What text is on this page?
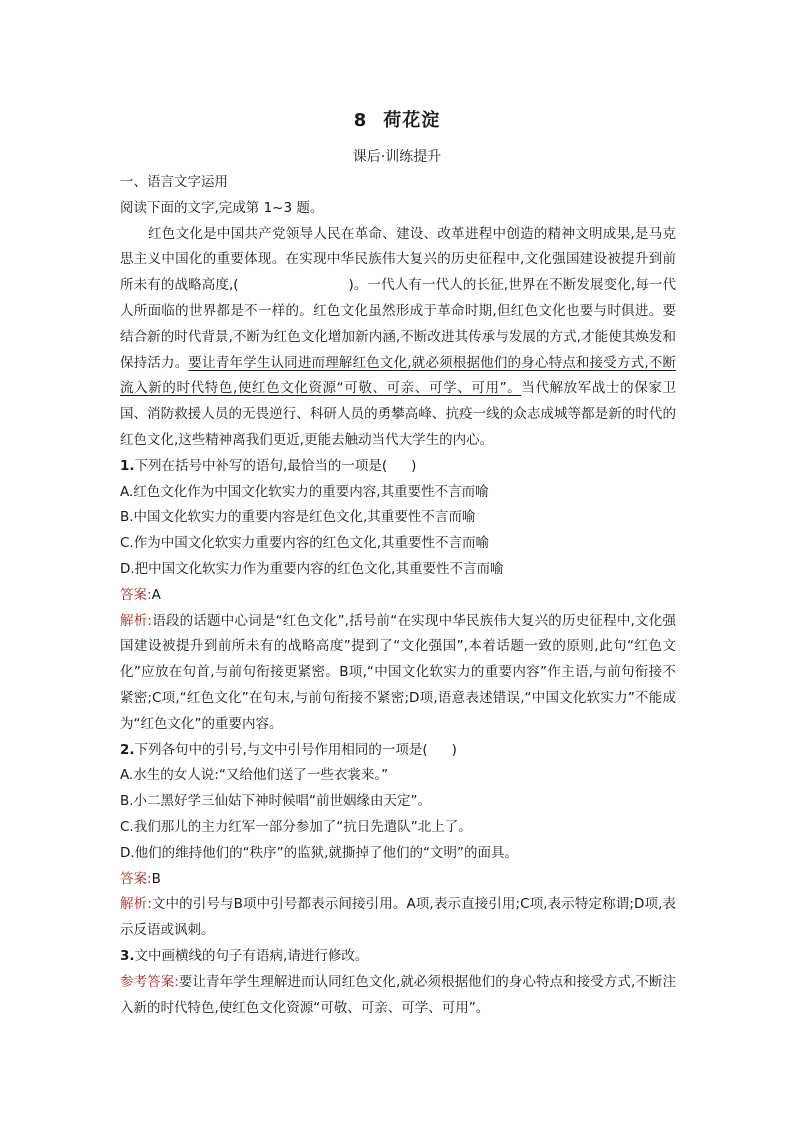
8 荷花淀
课后·训练提升

一、语言文字运用

阅读下面的文字,完成第 1~3 题。

红色文化是中国共产党领导人民在革命、建设、改革进程中创造的精神文明成果,是马克思主义中国化的重要体现。在实现中华民族伟大复兴的历史征程中,文化强国建设被提升到前所未有的战略高度,(	)。一代人有一代人的长征,世界在不断发展变化,每一代人所面临的世界都是不一样的。红色文化虽然形成于革命时期,但红色文化也要与时俱进。要结合新的时代背景,不断为红色文化增加新内涵,不断改进其传承与发展的方式,才能使其焕发和保持活力。要让青年学生认同进而理解红色文化,就必须根据他们的身心特点和接受方式,不断流入新的时代特色,使红色文化资源“可敬、可亲、可学、可用”。当代解放军战士的保家卫国、消防救援人员的无畏逆行、科研人员的勇攀高峰、抗疫一线的众志成城等都是新的时代的红色文化,这些精神离我们更近,更能去触动当代大学生的内心。

1.下列在括号中补写的语句,最恰当的一项是( )

A.红色文化作为中国文化软实力的重要内容,其重要性不言而喻

B.中国文化软实力的重要内容是红色文化,其重要性不言而喻

C.作为中国文化软实力重要内容的红色文化,其重要性不言而喻

D.把中国文化软实力作为重要内容的红色文化,其重要性不言而喻

答案:A

解析:语段的话题中心词是“红色文化”,括号前“在实现中华民族伟大复兴的历史征程中,文化强国建设被提升到前所未有的战略高度”提到了“文化强国”,本着话题一致的原则,此句“红色文化”应放在句首,与前句衔接更紧密。B项,“中国文化软实力的重要内容”作主语,与前句衔接不紧密;C项,“红色文化”在句末,与前句衔接不紧密;D项,语意表述错误,“中国文化软实力”不能成为“红色文化”的重要内容。

2.下列各句中的引号,与文中引号作用相同的一项是( )

A.水生的女人说:“又给他们送了一些衣裳来。”

B.小二黑好学三仙姑下神时候唱“前世姻缘由天定”。

C.我们那儿的主力红军一部分参加了“抗日先遣队”北上了。

D.他们的维持他们的“秩序”的监狱,就撕掉了他们的“文明”的面具。

答案:B

解析:文中的引号与B项中引号都表示间接引用。A项,表示直接引用;C项,表示特定称谓;D项,表示反语或讽刺。

3.文中画横线的句子有语病,请进行修改。

参考答案:要让青年学生理解进而认同红色文化,就必须根据他们的身心特点和接受方式,不断注入新的时代特色,使红色文化资源“可敬、可亲、可学、可用”。
